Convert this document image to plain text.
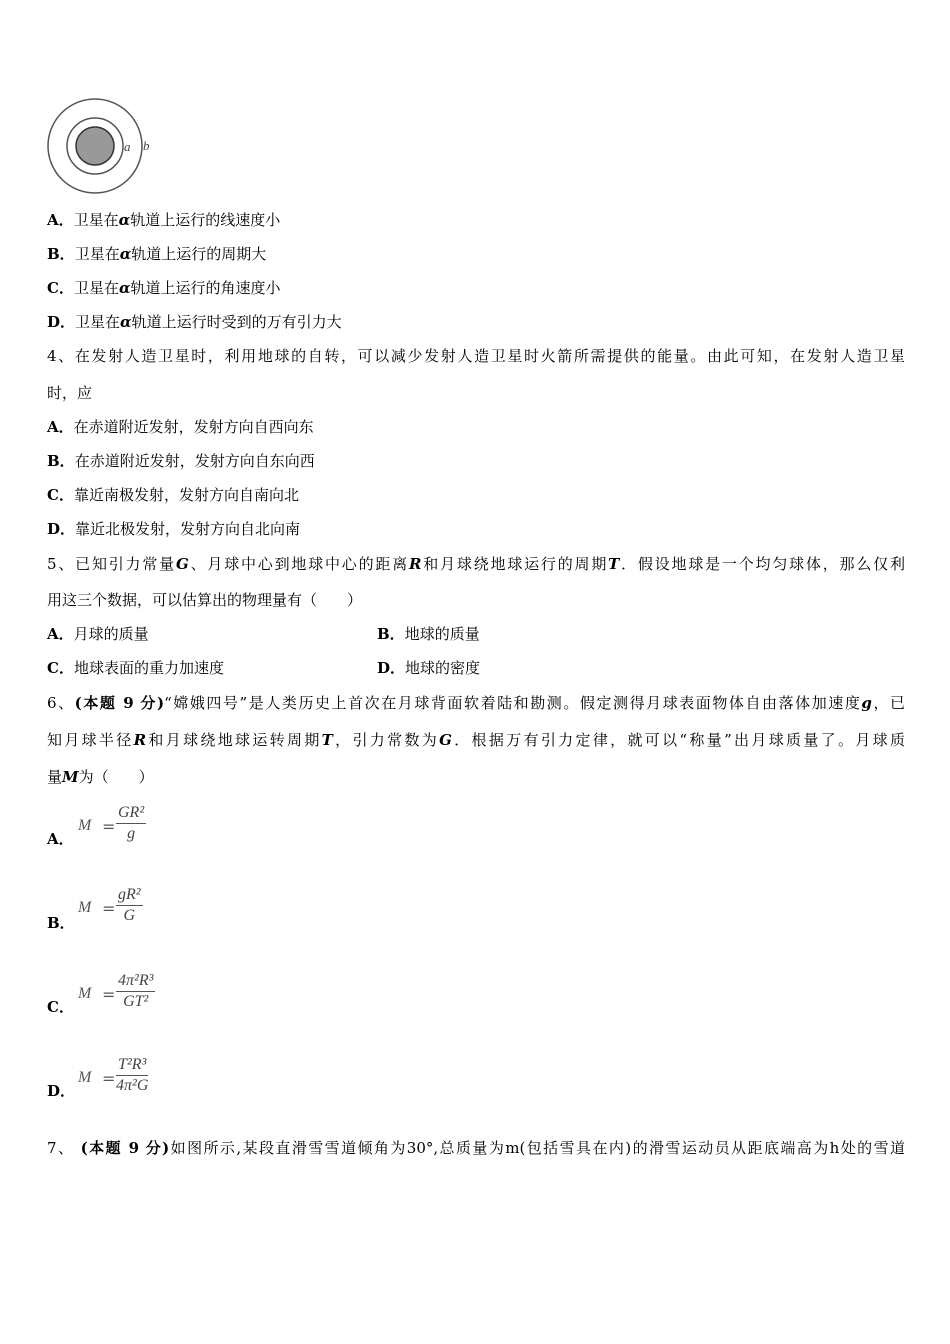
a b
A．卫星在α轨道上运行的线速度小
B．卫星在α轨道上运行的周期大
C．卫星在α轨道上运行的角速度小
D．卫星在α轨道上运行时受到的万有引力大
4、在发射人造卫星时，利用地球的自转，可以减少发射人造卫星时火箭所需提供的能量。由此可知，在发射人造卫星
时，应
A．在赤道附近发射，发射方向自西向东
B．在赤道附近发射，发射方向自东向西
C．靠近南极发射，发射方向自南向北
D．靠近北极发射，发射方向自北向南
5、已知引力常量G、月球中心到地球中心的距离R和月球绕地球运行的周期T．假设地球是一个均匀球体，那么仅利
用这三个数据，可以估算出的物理量有（　　）
A．月球的质量	B．地球的质量
C．地球表面的重力加速度	D．地球的密度
6、(本题 9 分)“嫦娥四号”是人类历史上首次在月球背面软着陆和勘测。假定测得月球表面物体自由落体加速度g，已
知月球半径R和月球绕地球运转周期T，引力常数为G．根据万有引力定律，就可以“称量”出月球质量了。月球质
量M为（　　）
A．
M =
GR²
g
B．
M =
gR²
G
C．
M =
4π²R³
GT²
D．
M =
T²R³
4π²G
7、 (本题 9 分)如图所示,某段直滑雪雪道倾角为30°,总质量为m(包括雪具在内)的滑雪运动员从距底端高为h处的雪道
